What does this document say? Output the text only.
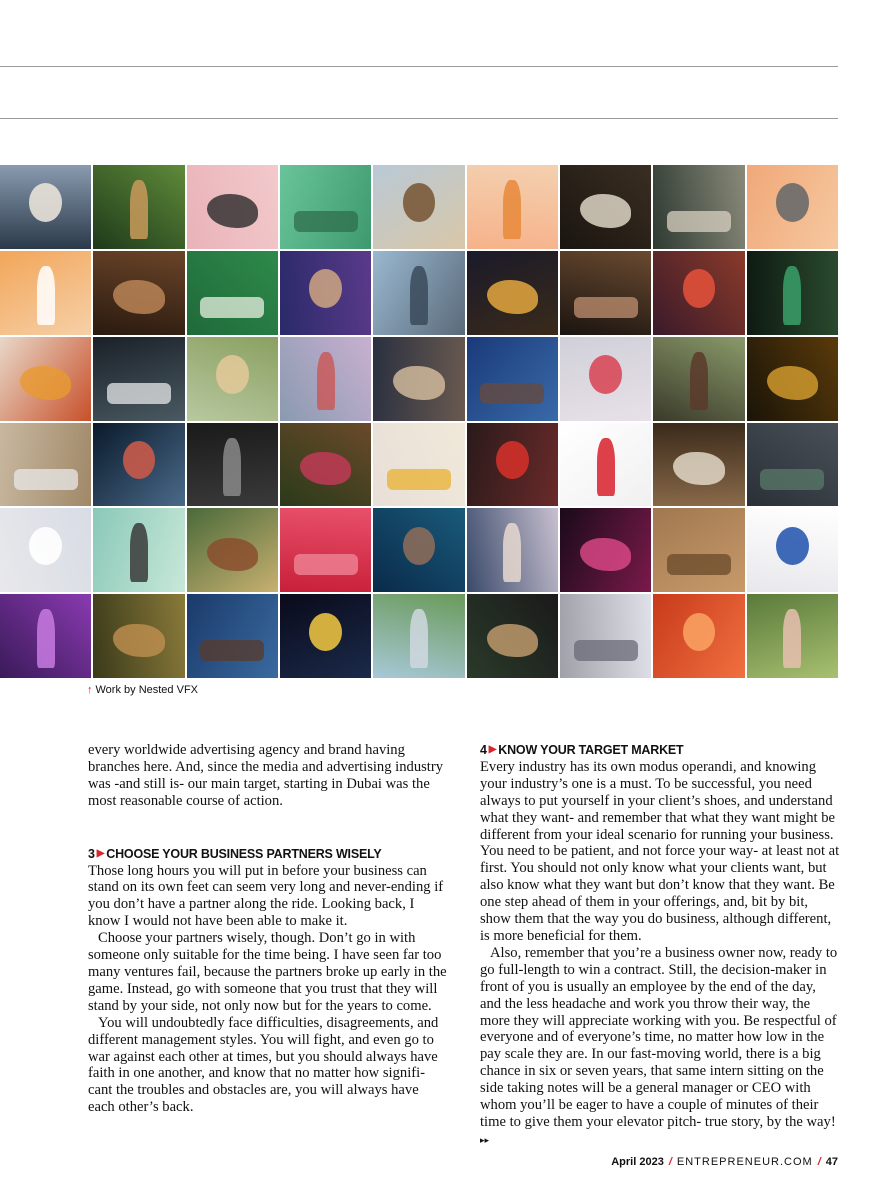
↑ Work by Nested VFX

every worldwide advertising agency and brand having branches here. And, since the media and advertising industry was -and still is- our main target, starting in Dubai was the most reasonable course of action.

3 ▶ CHOOSE YOUR BUSINESS PARTNERS WISELY

Those long hours you will put in before your business can stand on its own feet can seem very long and never-ending if you don’t have a partner along the ride. Looking back, I know I would not have been able to make it.

Choose your partners wisely, though. Don’t go in with someone only suitable for the time being. I have seen far too many ventures fail, because the partners broke up early in the game. Instead, go with someone that you trust that they will stand by your side, not only now but for the years to come.

You will undoubtedly face difficulties, disagreements, and different management styles. You will fight, and even go to war against each other at times, but you should always have faith in one another, and know that no matter how signifi-cant the troubles and obstacles are, you will always have each other’s back.

4 ▶ KNOW YOUR TARGET MARKET

Every industry has its own modus operandi, and knowing your industry’s one is a must. To be successful, you need always to put yourself in your client’s shoes, and understand what they want- and remember that what they want might be different from your ideal scenario for running your business. You need to be patient, and not force your way- at least not at first. You should not only know what your clients want, but also know what they want but don’t know that they want. Be one step ahead of them in your offerings, and, bit by bit, show them that the way you do business, although different, is more beneficial for them.

Also, remember that you’re a business owner now, ready to go full-length to win a contract. Still, the decision-maker in front of you is usually an employee by the end of the day, and the less headache and work you throw their way, the more they will appreciate working with you. Be respectful of everyone and of everyone’s time, no matter how low in the pay scale they are. In our fast-moving world, there is a big chance in six or seven years, that same intern sitting on the side taking notes will be a general manager or CEO with whom you’ll be eager to have a couple of minutes of their time to give them your elevator pitch- true story, by the way! ▸▸

April 2023 / ENTREPRENEUR.COM / 47
